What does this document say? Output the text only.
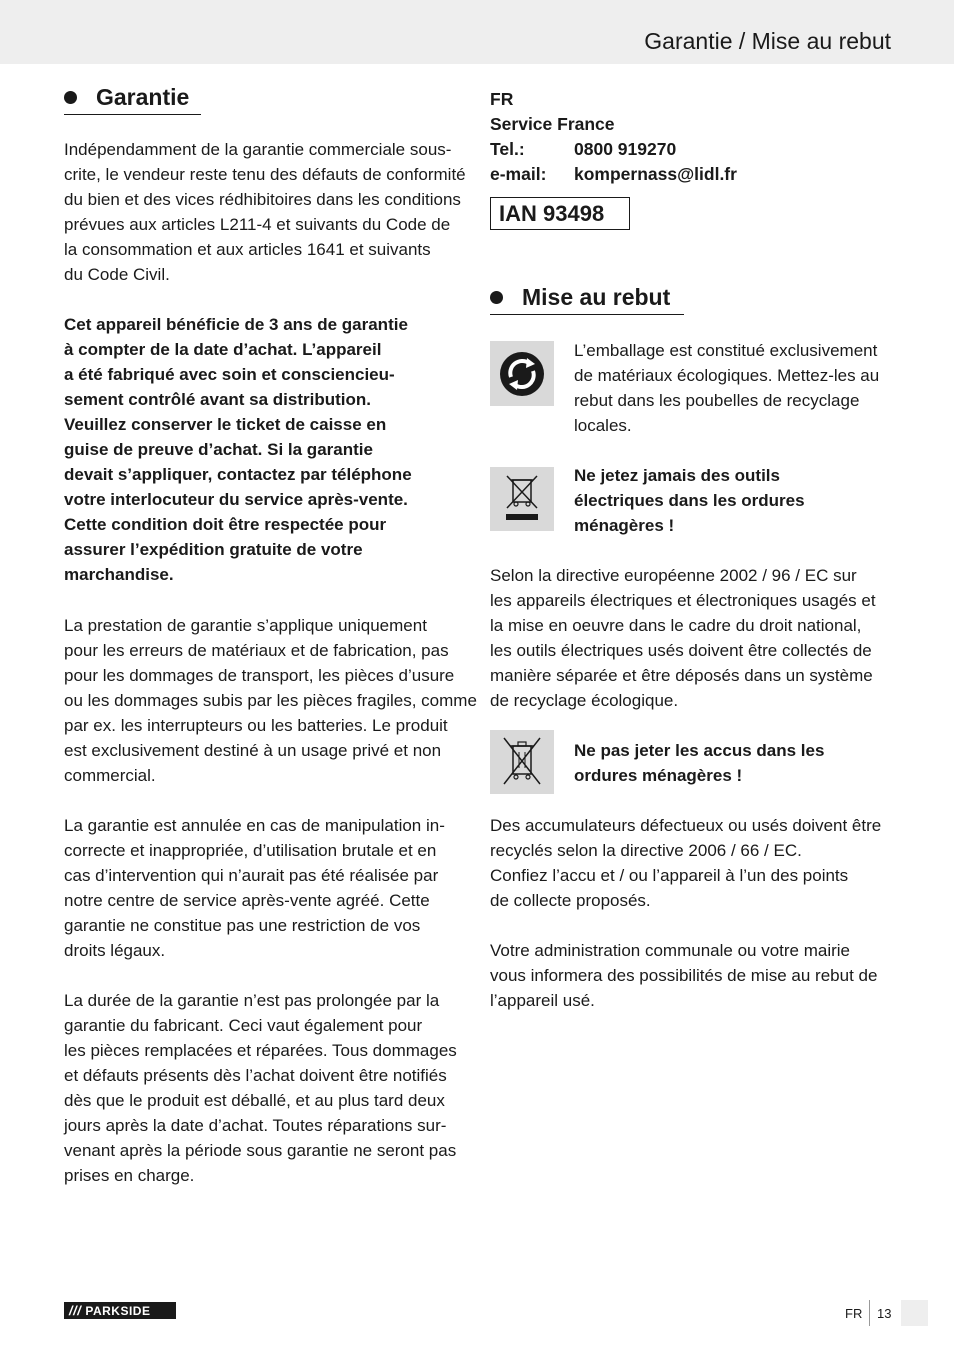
Garantie / Mise au rebut
Garantie
Indépendamment de la garantie commerciale sous-
crite, le vendeur reste tenu des défauts de conformité
du bien et des vices rédhibitoires dans les conditions
prévues aux articles L211-4 et suivants du Code de
la consommation et aux articles 1641 et suivants
du Code Civil.
Cet appareil bénéficie de 3 ans de garantie
à compter de la date d’achat. L’appareil
a été fabriqué avec soin et consciencieu-
sement contrôlé avant sa distribution.
Veuillez conserver le ticket de caisse en
guise de preuve d’achat. Si la garantie
devait s’appliquer, contactez par téléphone
votre interlocuteur du service après-vente.
Cette condition doit être respectée pour
assurer l’expédition gratuite de votre
marchandise.
La prestation de garantie s’applique uniquement
pour les erreurs de matériaux et de fabrication, pas
pour les dommages de transport, les pièces d’usure
ou les dommages subis par les pièces fragiles, comme
par ex. les interrupteurs ou les batteries. Le produit
est exclusivement destiné à un usage privé et non
commercial.
La garantie est annulée en cas de manipulation in-
correcte et inappropriée, d’utilisation brutale et en
cas d’intervention qui n’aurait pas été réalisée par
notre centre de service après-vente agréé. Cette
garantie ne constitue pas une restriction de vos
droits légaux.
La durée de la garantie n’est pas prolongée par la
garantie du fabricant. Ceci vaut également pour
les pièces remplacées et réparées. Tous dommages
et défauts présents dès l’achat doivent être notifiés
dès que le produit est déballé, et au plus tard deux
jours après la date d’achat. Toutes réparations sur-
venant après la période sous garantie ne seront pas
prises en charge.
FR
Service France
Tel.:	0800 919270
e-mail:	kompernass@lidl.fr
IAN 93498
Mise au rebut
L’emballage est constitué exclusivement
de matériaux écologiques. Mettez-les au
rebut dans les poubelles de recyclage
locales.
Ne jetez jamais des outils
électriques dans les ordures
ménagères !
Selon la directive européenne 2002 / 96 / EC sur
les appareils électriques et électroniques usagés et
la mise en oeuvre dans le cadre du droit national,
les outils électriques usés doivent être collectés de
manière séparée et être déposés dans un système
de recyclage écologique.
Ne pas jeter les accus dans les
ordures ménagères !
Des accumulateurs défectueux ou usés doivent être
recyclés selon la directive 2006 / 66 / EC.
Confiez l’accu et / ou l’appareil à l’un des points
de collecte proposés.
Votre administration communale ou votre mairie
vous informera des possibilités de mise au rebut de
l’appareil usé.
/// PARKSIDE	FR 13
